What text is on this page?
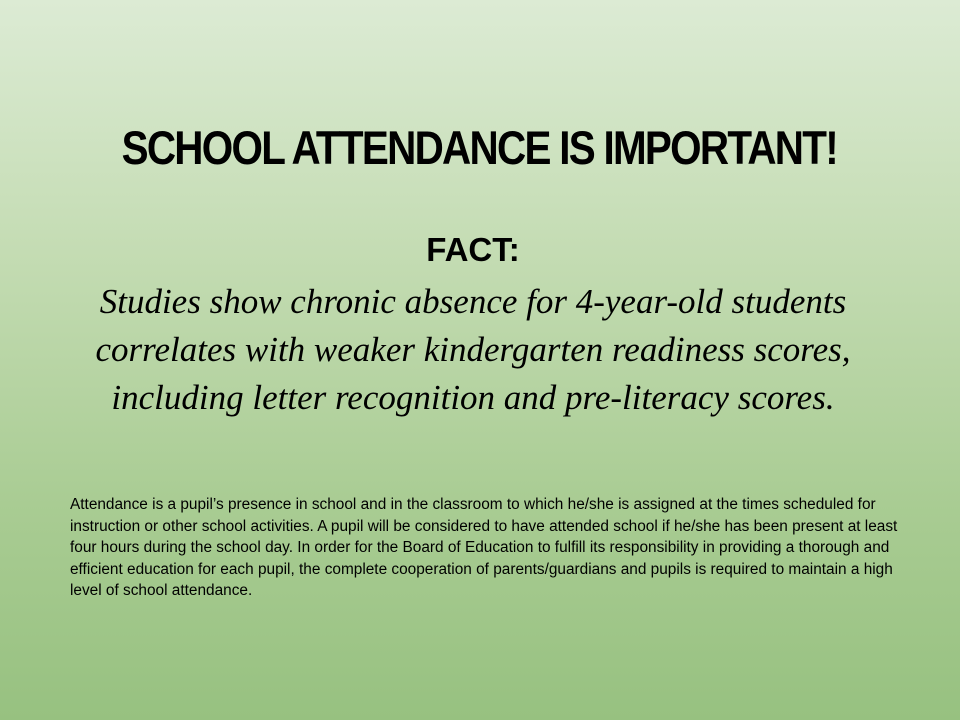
SCHOOL ATTENDANCE IS IMPORTANT!
FACT:
Studies show chronic absence for 4-year-old students correlates with weaker kindergarten readiness scores, including letter recognition and pre-literacy scores.
Attendance is a pupil’s presence in school and in the classroom to which he/she is assigned at the times scheduled for instruction or other school activities. A pupil will be considered to have attended school if he/she has been present at least four hours during the school day. In order for the Board of Education to fulfill its responsibility in providing a thorough and efficient education for each pupil, the complete cooperation of parents/guardians and pupils is required to maintain a high level of school attendance.
